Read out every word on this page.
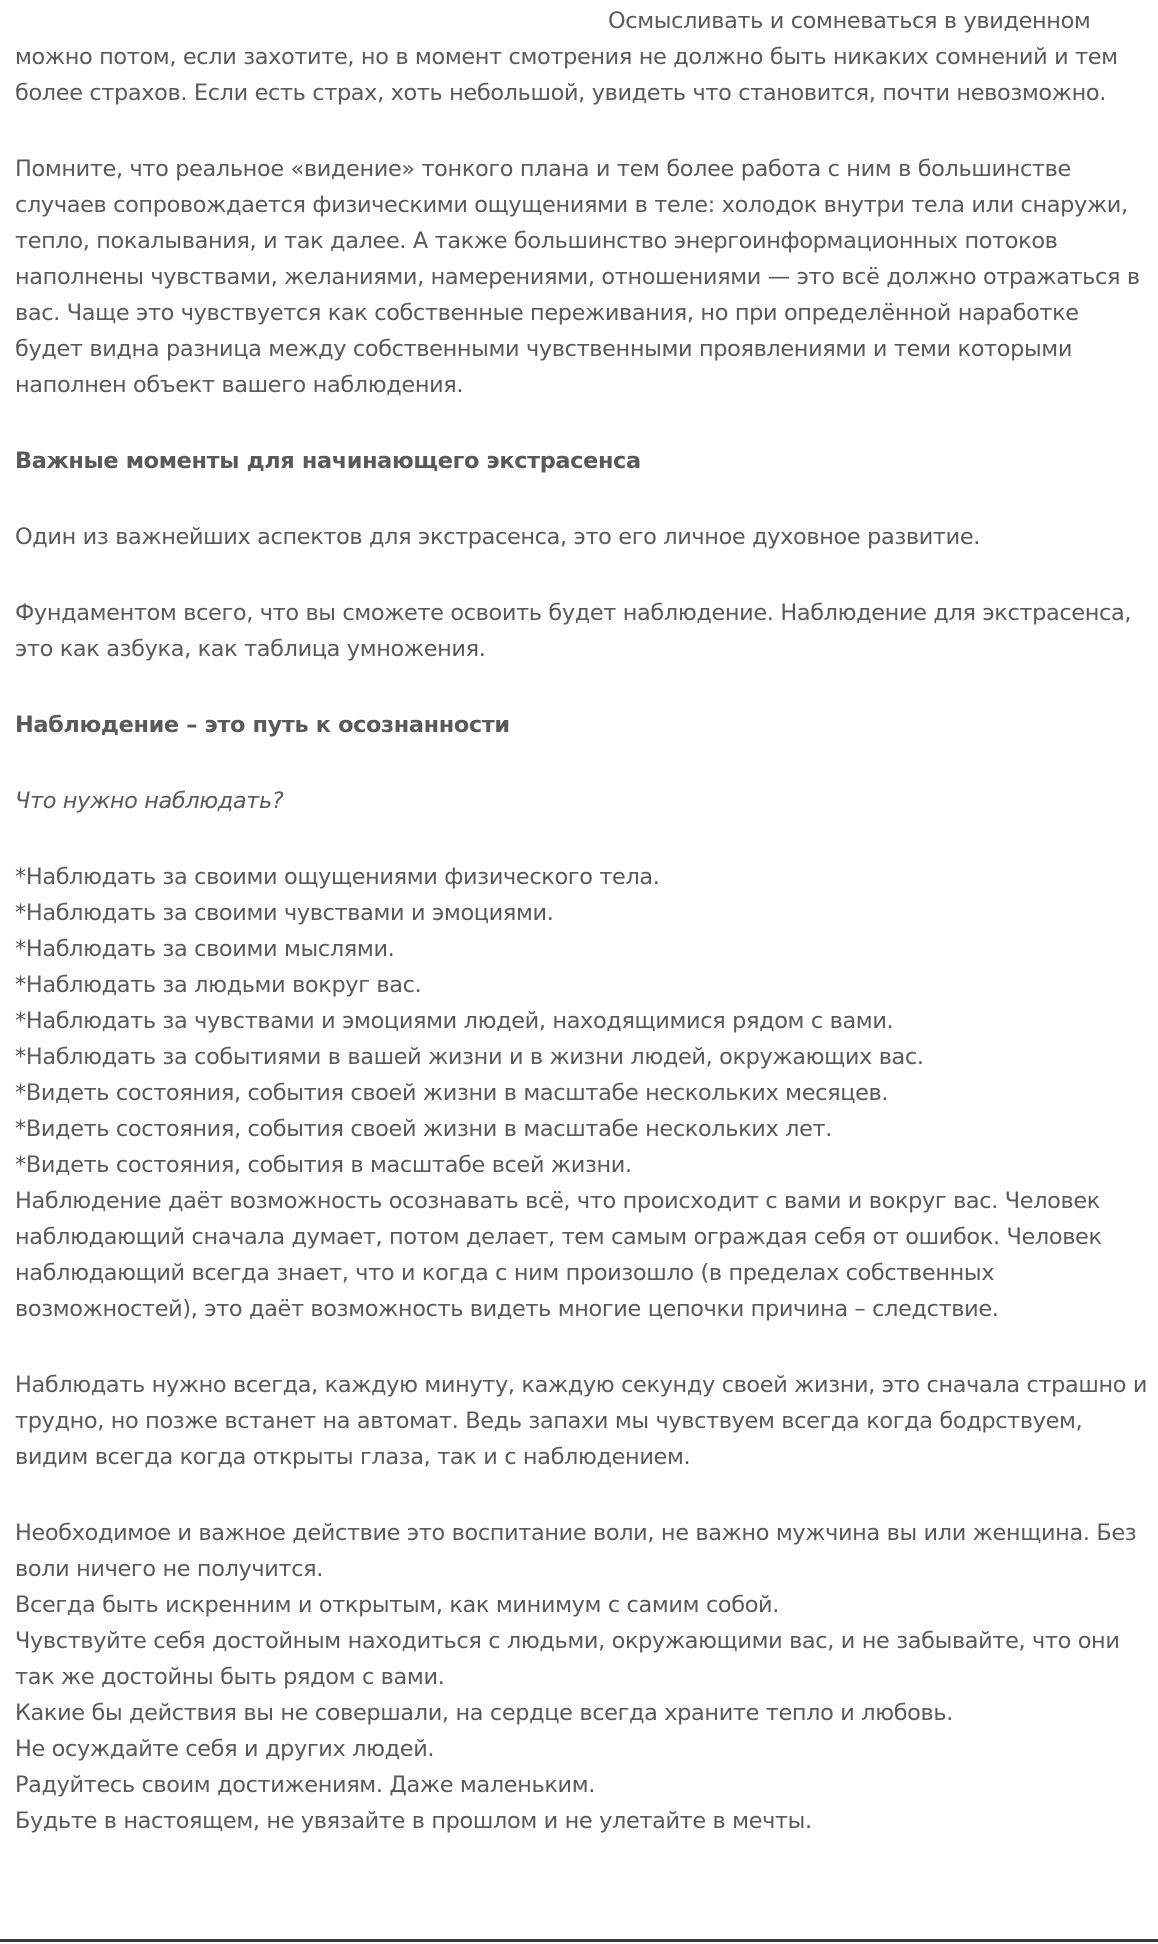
Осмысливать и сомневаться в увиденном можно потом, если захотите, но в момент смотрения не должно быть никаких сомнений и тем более страхов. Если есть страх, хоть небольшой, увидеть что становится, почти невозможно.

Помните, что реальное «видение» тонкого плана и тем более работа с ним в большинстве случаев сопровождается физическими ощущениями в теле: холодок внутри тела или снаружи, тепло, покалывания, и так далее. А также большинство энергоинформационных потоков наполнены чувствами, желаниями, намерениями, отношениями — это всё должно отражаться в вас. Чаще это чувствуется как собственные переживания, но при определённой наработке будет видна разница между собственными чувственными проявлениями и теми которыми наполнен объект вашего наблюдения.

Важные моменты для начинающего экстрасенса

Один из важнейших аспектов для экстрасенса, это его личное духовное развитие.

Фундаментом всего, что вы сможете освоить будет наблюдение. Наблюдение для экстрасенса, это как азбука, как таблица умножения.

Наблюдение – это путь к осознанности

Что нужно наблюдать?

*Наблюдать за своими ощущениями физического тела.

*Наблюдать за своими чувствами и эмоциями.

*Наблюдать за своими мыслями.

*Наблюдать за людьми вокруг вас.

*Наблюдать за чувствами и эмоциями людей, находящимися рядом с вами.

*Наблюдать за событиями в вашей жизни и в жизни людей, окружающих вас.

*Видеть состояния, события своей жизни в масштабе нескольких месяцев.

*Видеть состояния, события своей жизни в масштабе нескольких лет.

*Видеть состояния, события в масштабе всей жизни.

Наблюдение даёт возможность осознавать всё, что происходит с вами и вокруг вас. Человек наблюдающий сначала думает, потом делает, тем самым ограждая себя от ошибок. Человек наблюдающий всегда знает, что и когда с ним произошло (в пределах собственных возможностей), это даёт возможность видеть многие цепочки причина – следствие.

Наблюдать нужно всегда, каждую минуту, каждую секунду своей жизни, это сначала страшно и трудно, но позже встанет на автомат. Ведь запахи мы чувствуем всегда когда бодрствуем, видим всегда когда открыты глаза, так и с наблюдением.

Необходимое и важное действие это воспитание воли, не важно мужчина вы или женщина. Без воли ничего не получится.

Всегда быть искренним и открытым, как минимум с самим собой.

Чувствуйте себя достойным находиться с людьми, окружающими вас, и не забывайте, что они так же достойны быть рядом с вами.

Какие бы действия вы не совершали, на сердце всегда храните тепло и любовь.

Не осуждайте себя и других людей.

Радуйтесь своим достижениям. Даже маленьким.

Будьте в настоящем, не увязайте в прошлом и не улетайте в мечты.
